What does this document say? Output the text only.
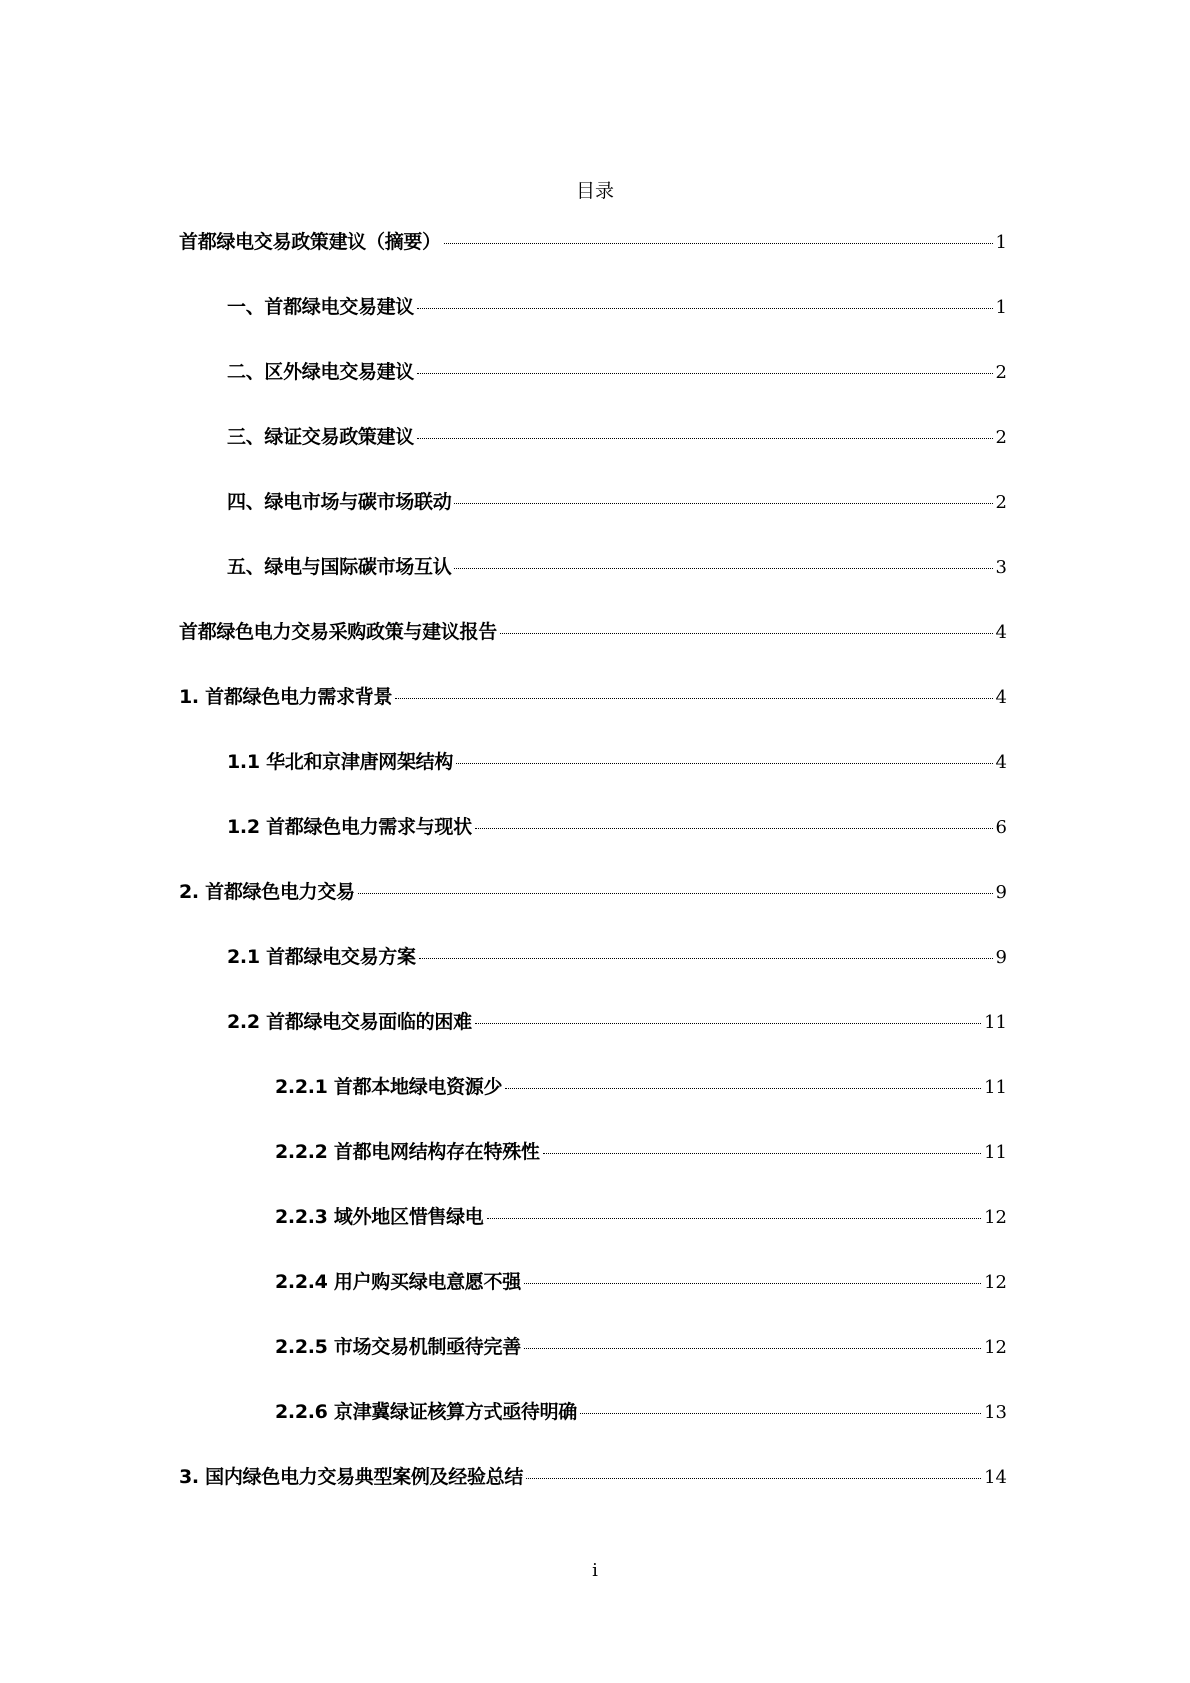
目录
首都绿电交易政策建议（摘要）	1
一、首都绿电交易建议	1
二、区外绿电交易建议	2
三、绿证交易政策建议	2
四、绿电市场与碳市场联动	2
五、绿电与国际碳市场互认	3
首都绿色电力交易采购政策与建议报告	4
1. 首都绿色电力需求背景	4
1.1 华北和京津唐网架结构	4
1.2 首都绿色电力需求与现状	6
2. 首都绿色电力交易	9
2.1 首都绿电交易方案	9
2.2 首都绿电交易面临的困难	11
2.2.1 首都本地绿电资源少	11
2.2.2 首都电网结构存在特殊性	11
2.2.3 域外地区惜售绿电	12
2.2.4 用户购买绿电意愿不强	12
2.2.5 市场交易机制亟待完善	12
2.2.6 京津冀绿证核算方式亟待明确	13
3. 国内绿色电力交易典型案例及经验总结	14
i
